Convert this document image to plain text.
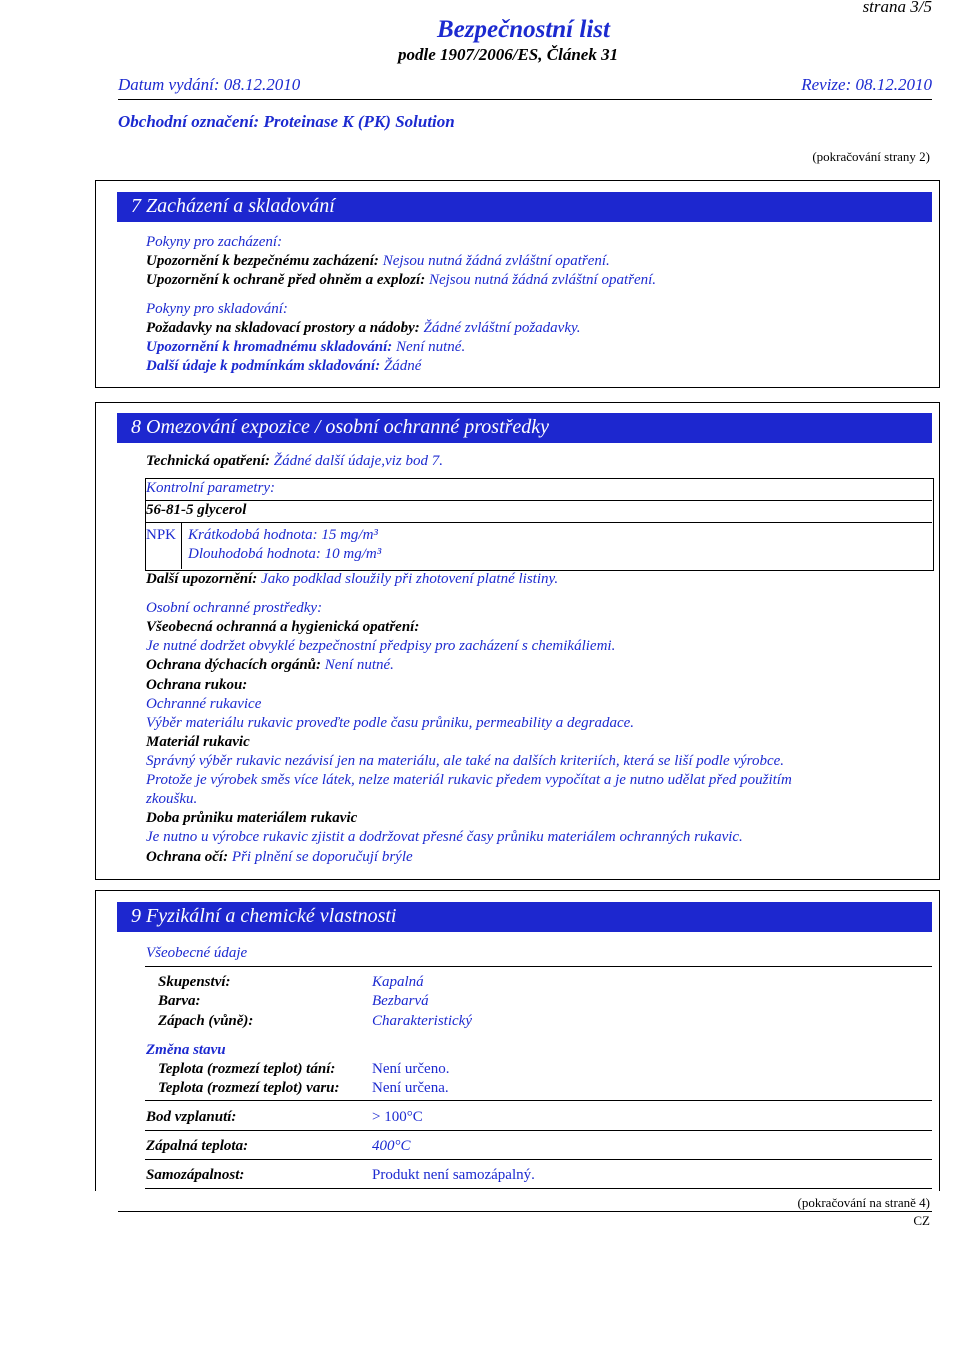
strana 3/5
Bezpečnostní list
podle 1907/2006/ES, Článek 31
Datum vydání: 08.12.2010	Revize: 08.12.2010
Obchodní označení: Proteinase K (PK) Solution
(pokračování strany 2)
7 Zacházení a skladování
Pokyny pro zacházení:
Upozornění k bezpečnému zacházení: Nejsou nutná žádná zvláštní opatření.
Upozornění k ochraně před ohněm a explozí: Nejsou nutná žádná zvláštní opatření.
Pokyny pro skladování:
Požadavky na skladovací prostory a nádoby: Žádné zvláštní požadavky.
Upozornění k hromadnému skladování: Není nutné.
Další údaje k podmínkám skladování: Žádné
8 Omezování expozice / osobní ochranné prostředky
Technická opatření: Žádné další údaje,viz bod 7.
Kontrolní parametry:
56-81-5 glycerol
NPK Krátkodobá hodnota: 15 mg/m³
Dlouhodobá hodnota: 10 mg/m³
Další upozornění: Jako podklad sloužily při zhotovení platné listiny.
Osobní ochranné prostředky:
Všeobecná ochranná a hygienická opatření:
Je nutné dodržet obvyklé bezpečnostní předpisy pro zacházení s chemikáliemi.
Ochrana dýchacích orgánů: Není nutné.
Ochrana rukou:
Ochranné rukavice
Výběr materiálu rukavic proveďte podle času průniku, permeability a degradace.
Materiál rukavic
Správný výběr rukavic nezávisí jen na materiálu, ale také na dalších kriteriích, která se liší podle výrobce.
Protože je výrobek směs více látek, nelze materiál rukavic předem vypočítat a je nutno udělat před použitím
zkoušku.
Doba průniku materiálem rukavic
Je nutno u výrobce rukavic zjistit a dodržovat přesné časy průniku materiálem ochranných rukavic.
Ochrana očí: Při plnění se doporučují brýle
9 Fyzikální a chemické vlastnosti
Všeobecné údaje
Skupenství:	Kapalná
Barva:	Bezbarvá
Zápach (vůně):	Charakteristický
Změna stavu
Teplota (rozmezí teplot) tání: Není určeno.
Teplota (rozmezí teplot) varu: Není určena.
Bod vzplanutí:	> 100°C
Zápalná teplota:	400°C
Samozápalnost:	Produkt není samozápalný.
(pokračování na straně 4)
CZ
